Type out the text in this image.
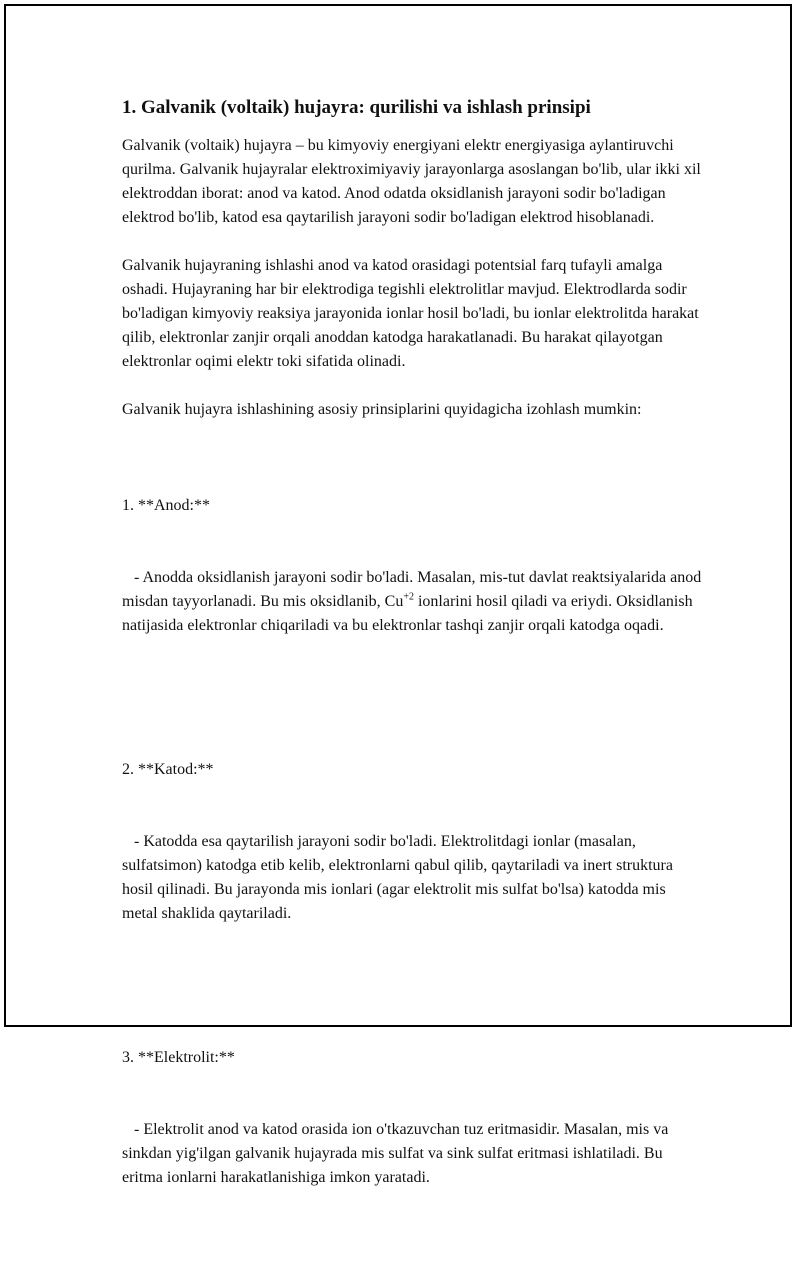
1. Galvanik (voltaik) hujayra: qurilishi va ishlash prinsipi

Galvanik (voltaik) hujayra – bu kimyoviy energiyani elektr energiyasiga aylantiruvchi qurilma. Galvanik hujayralar elektroximiyaviy jarayonlarga asoslangan bo'lib, ular ikki xil elektroddan iborat: anod va katod. Anod odatda oksidlanish jarayoni sodir bo'ladigan elektrod bo'lib, katod esa qaytarilish jarayoni sodir bo'ladigan elektrod hisoblanadi.

Galvanik hujayraning ishlashi anod va katod orasidagi potentsial farq tufayli amalga oshadi. Hujayraning har bir elektrodiga tegishli elektrolitlar mavjud. Elektrodlarda sodir bo'ladigan kimyoviy reaksiya jarayonida ionlar hosil bo'ladi, bu ionlar elektrolitda harakat qilib, elektronlar zanjir orqali anoddan katodga harakatlanadi. Bu harakat qilayotgan elektronlar oqimi elektr toki sifatida olinadi.

Galvanik hujayra ishlashining asosiy prinsiplarini quyidagicha izohlash mumkin:

1. **Anod:**

- Anodda oksidlanish jarayoni sodir bo'ladi. Masalan, mis-tut davlat reaktsiyalarida anod misdan tayyorlanadi. Bu mis oksidlanib, $Cu^{+2}$ ionlarini hosil qiladi va eriydi. Oksidlanish natijasida elektronlar chiqariladi va bu elektronlar tashqi zanjir orqali katodga oqadi.

2. **Katod:**

- Katodda esa qaytarilish jarayoni sodir bo'ladi. Elektrolitdagi ionlar (masalan, sulfatsimon) katodga etib kelib, elektronlarni qabul qilib, qaytariladi va inert struktura hosil qilinadi. Bu jarayonda mis ionlari (agar elektrolit mis sulfat bo'lsa) katodda mis metal shaklida qaytariladi.

3. **Elektrolit:**

- Elektrolit anod va katod orasida ion o'tkazuvchan tuz eritmasidir. Masalan, mis va sinkdan yig'ilgan galvanik hujayrada mis sulfat va sink sulfat eritmasi ishlatiladi. Bu eritma ionlarni harakatlanishiga imkon yaratadi.
